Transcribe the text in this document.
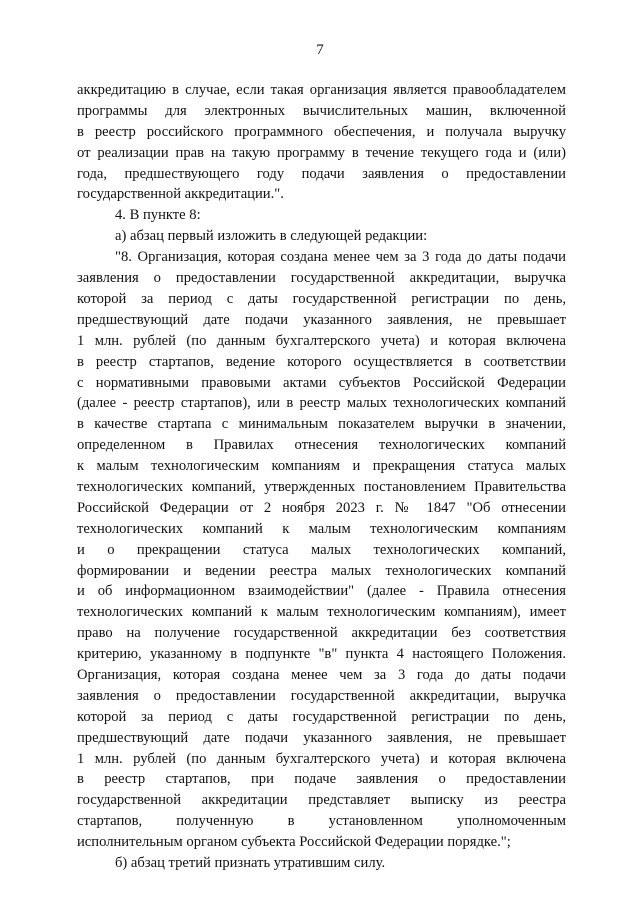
7
аккредитацию в случае, если такая организация является правообладателем
программы для электронных вычислительных машин, включенной
в реестр российского программного обеспечения, и получала выручку
от реализации прав на такую программу в течение текущего года и (или)
года, предшествующего году подачи заявления о предоставлении
государственной аккредитации.".
4. В пункте 8:
а) абзац первый изложить в следующей редакции:
"8. Организация, которая создана менее чем за 3 года до даты подачи
заявления о предоставлении государственной аккредитации, выручка
которой за период с даты государственной регистрации по день,
предшествующий дате подачи указанного заявления, не превышает
1 млн. рублей (по данным бухгалтерского учета) и которая включена
в реестр стартапов, ведение которого осуществляется в соответствии
с нормативными правовыми актами субъектов Российской Федерации
(далее - реестр стартапов), или в реестр малых технологических компаний
в качестве стартапа с минимальным показателем выручки в значении,
определенном в Правилах отнесения технологических компаний
к малым технологическим компаниям и прекращения статуса малых
технологических компаний, утвержденных постановлением Правительства
Российской Федерации от 2 ноября 2023 г. № 1847 "Об отнесении
технологических компаний к малым технологическим компаниям
и о прекращении статуса малых технологических компаний,
формировании и ведении реестра малых технологических компаний
и об информационном взаимодействии" (далее - Правила отнесения
технологических компаний к малым технологическим компаниям), имеет
право на получение государственной аккредитации без соответствия
критерию, указанному в подпункте "в" пункта 4 настоящего Положения.
Организация, которая создана менее чем за 3 года до даты подачи
заявления о предоставлении государственной аккредитации, выручка
которой за период с даты государственной регистрации по день,
предшествующий дате подачи указанного заявления, не превышает
1 млн. рублей (по данным бухгалтерского учета) и которая включена
в реестр стартапов, при подаче заявления о предоставлении
государственной аккредитации представляет выписку из реестра
стартапов, полученную в установленном уполномоченным
исполнительным органом субъекта Российской Федерации порядке.";
б) абзац третий признать утратившим силу.
